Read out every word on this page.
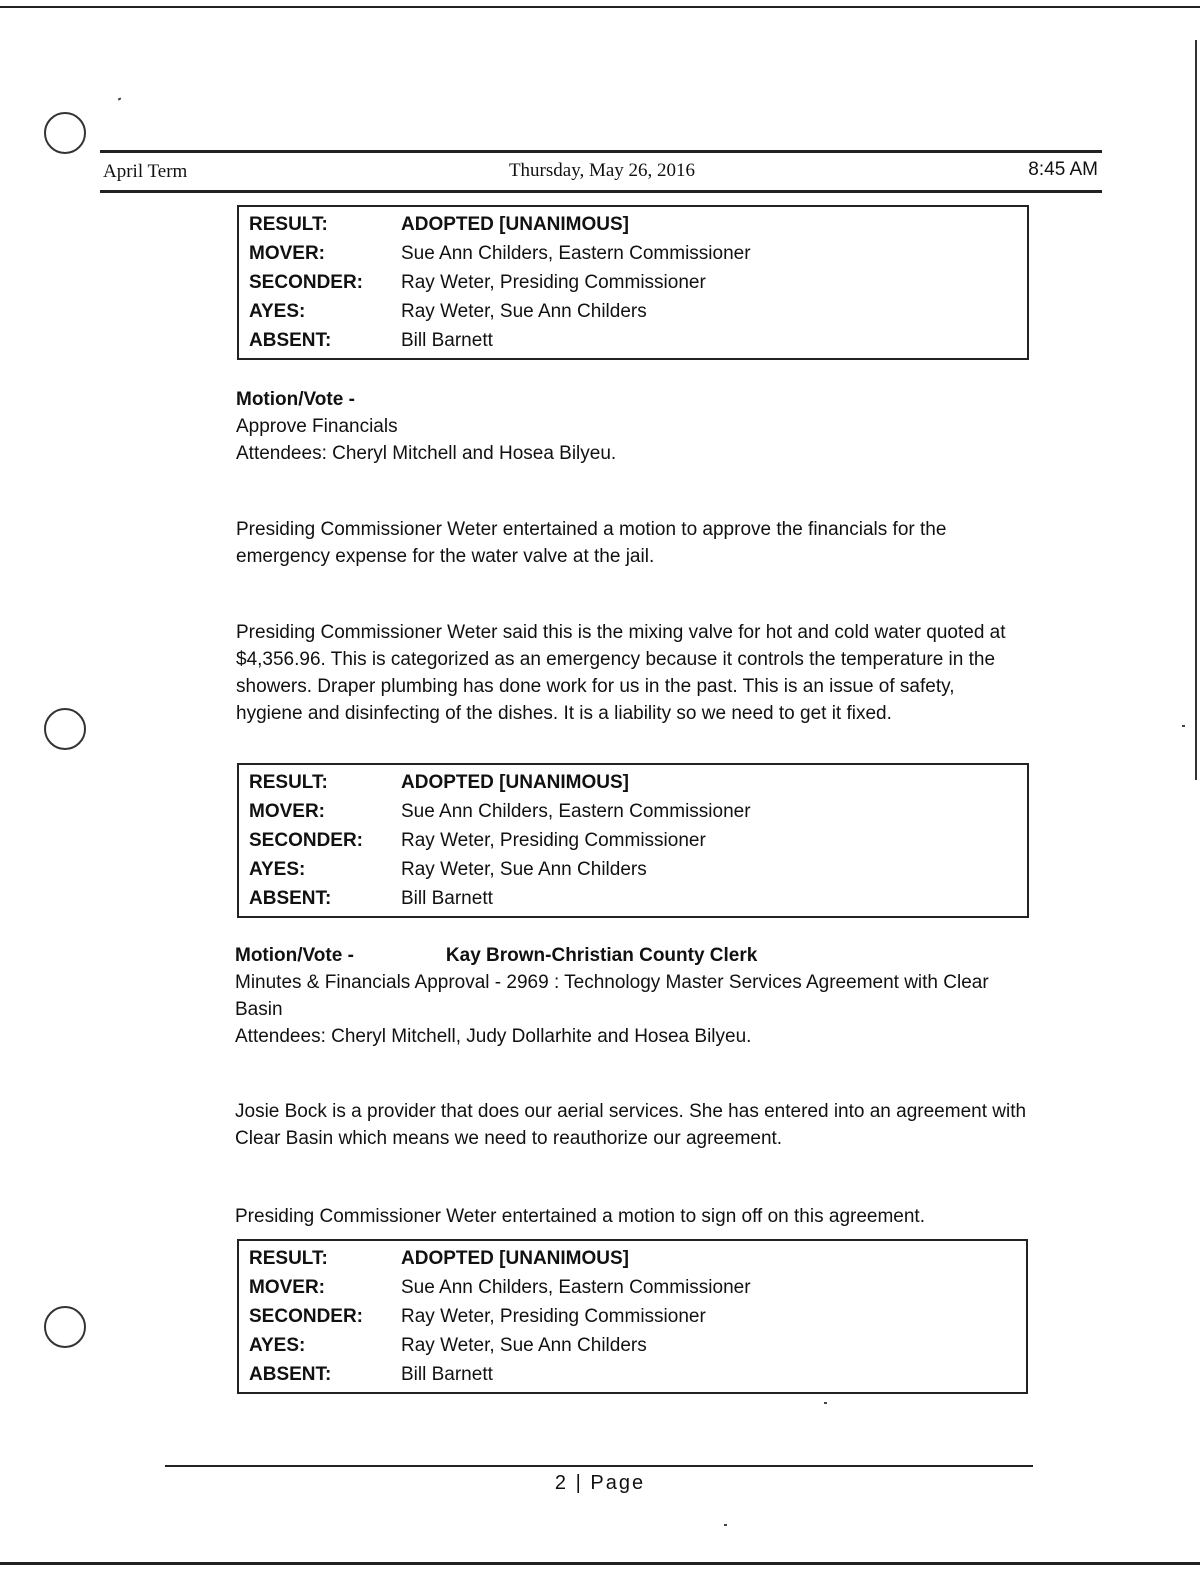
April Term	Thursday, May 26, 2016	8:45 AM
RESULT:	ADOPTED [UNANIMOUS]
MOVER:	Sue Ann Childers, Eastern Commissioner
SECONDER:	Ray Weter, Presiding Commissioner
AYES:	Ray Weter, Sue Ann Childers
ABSENT:	Bill Barnett

Motion/Vote -

Approve Financials

Attendees: Cheryl Mitchell and Hosea Bilyeu.

Presiding Commissioner Weter entertained a motion to approve the financials for the emergency expense for the water valve at the jail.

Presiding Commissioner Weter said this is the mixing valve for hot and cold water quoted at $4,356.96. This is categorized as an emergency because it controls the temperature in the showers. Draper plumbing has done work for us in the past. This is an issue of safety, hygiene and disinfecting of the dishes. It is a liability so we need to get it fixed.

RESULT:	ADOPTED [UNANIMOUS]
MOVER:	Sue Ann Childers, Eastern Commissioner
SECONDER:	Ray Weter, Presiding Commissioner
AYES:	Ray Weter, Sue Ann Childers
ABSENT:	Bill Barnett
Motion/Vote -	Kay Brown-Christian County Clerk

Minutes & Financials Approval - 2969 : Technology Master Services Agreement with Clear Basin

Attendees: Cheryl Mitchell, Judy Dollarhite and Hosea Bilyeu.

Josie Bock is a provider that does our aerial services. She has entered into an agreement with Clear Basin which means we need to reauthorize our agreement.

Presiding Commissioner Weter entertained a motion to sign off on this agreement.

RESULT:	ADOPTED [UNANIMOUS]
MOVER:	Sue Ann Childers, Eastern Commissioner
SECONDER:	Ray Weter, Presiding Commissioner
AYES:	Ray Weter, Sue Ann Childers
ABSENT:	Bill Barnett
2 | Page
